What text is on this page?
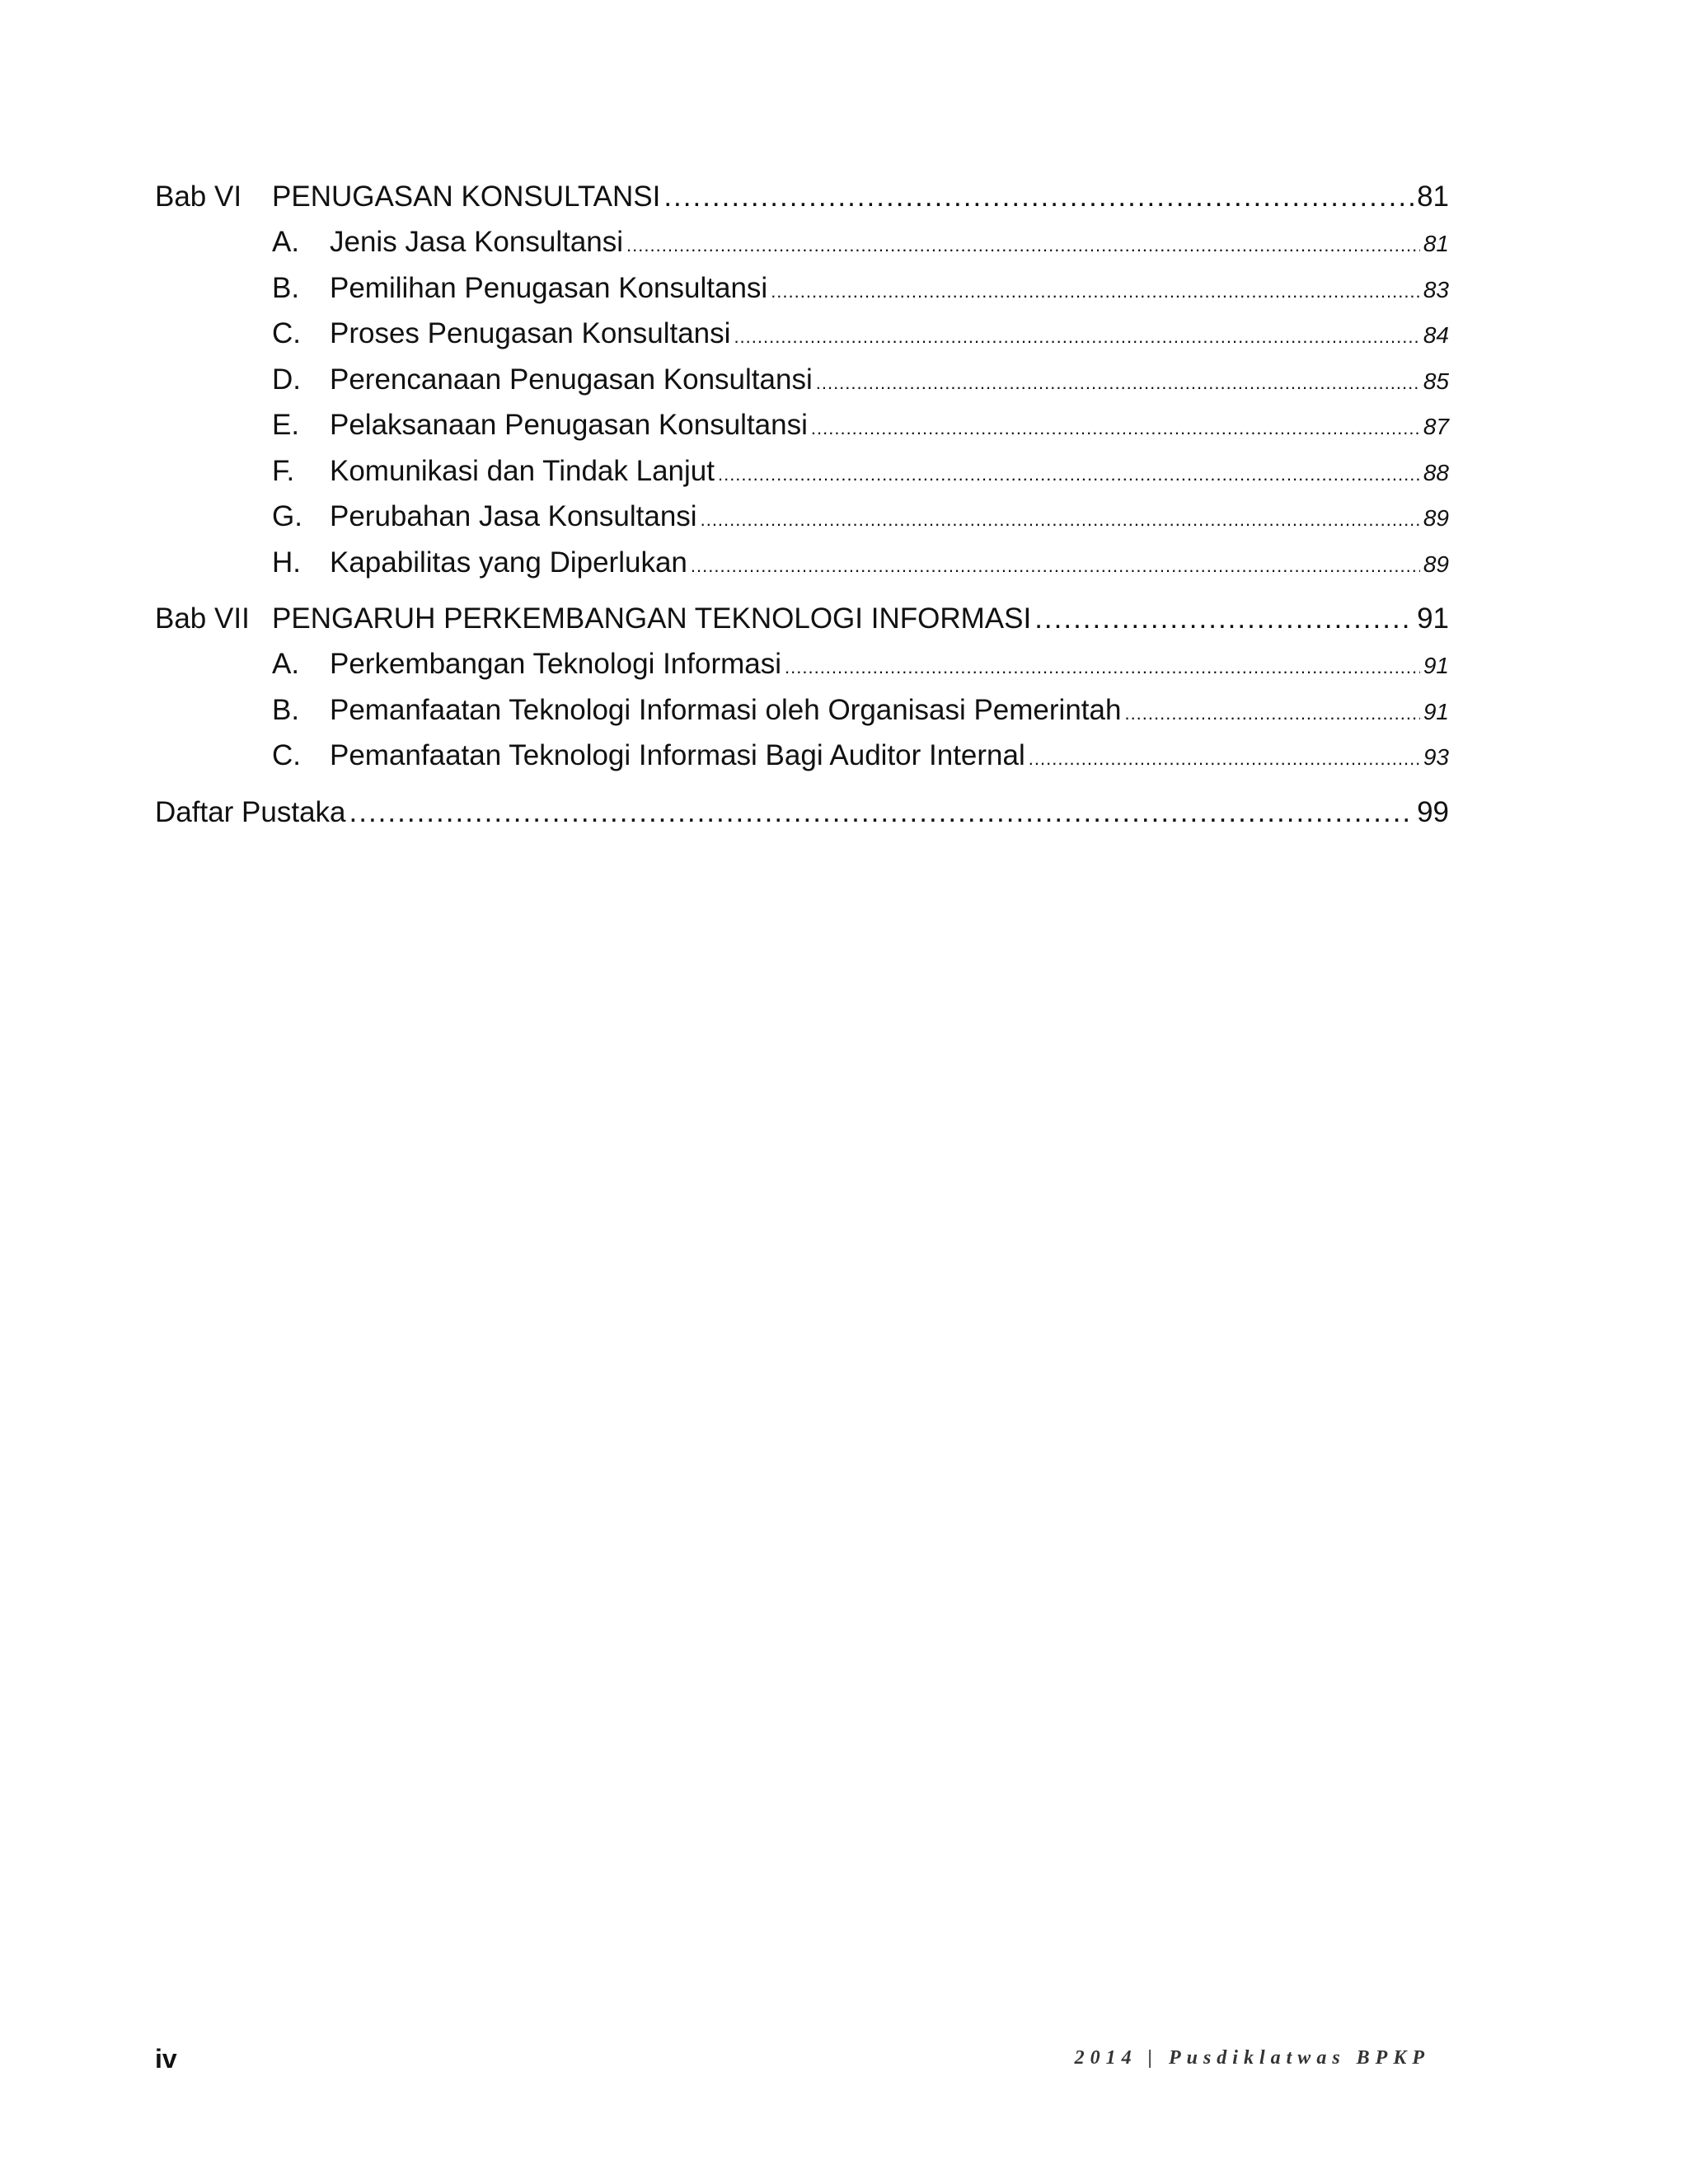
Bab VI	PENUGASAN KONSULTANSI .....	81
A.	Jenis Jasa Konsultansi .....	81
B.	Pemilihan Penugasan Konsultansi .....	83
C.	Proses Penugasan Konsultansi .....	84
D.	Perencanaan Penugasan Konsultansi .....	85
E.	Pelaksanaan Penugasan Konsultansi .....	87
F.	Komunikasi dan Tindak Lanjut .....	88
G. Perubahan Jasa Konsultansi .....	89
H.	Kapabilitas yang Diperlukan .....	89
Bab VII PENGARUH PERKEMBANGAN TEKNOLOGI INFORMASI .....	91
A.	Perkembangan Teknologi Informasi .....	91
B.	Pemanfaatan Teknologi Informasi oleh Organisasi Pemerintah .....	91
C.	Pemanfaatan Teknologi Informasi Bagi Auditor Internal .....	93
Daftar Pustaka .....	99
iv	2014 | Pusdiklatwas BPKP
